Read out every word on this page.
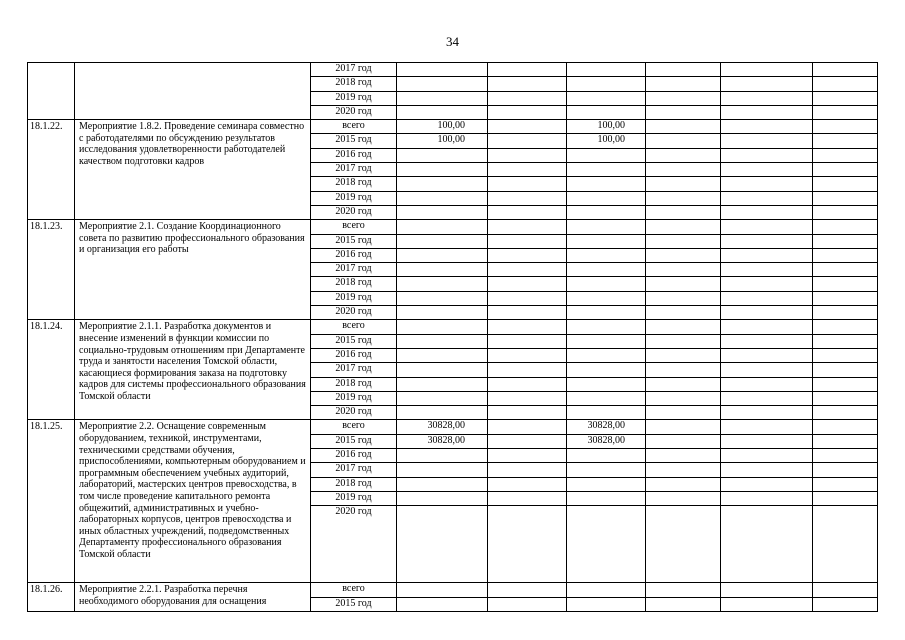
34
		2017 год						
		2018 год						
		2019 год						
		2020 год						
18.1.22.	Мероприятие 1.8.2. Проведение семинара совместно с работодателями по обсуждению результатов исследования удовлетворенности работодателей качеством подготовки кадров	всего	100,00		100,00			
		2015 год	100,00		100,00			
		2016 год						
		2017 год						
		2018 год						
		2019 год						
		2020 год						
18.1.23.	Мероприятие 2.1. Создание Координационного совета по развитию профессионального образования и организация его работы	всего						
		2015 год						
		2016 год						
		2017 год						
		2018 год						
		2019 год						
		2020 год						
18.1.24.	Мероприятие 2.1.1. Разработка документов и внесение изменений в функции комиссии по социально-трудовым отношениям при Департаменте труда и занятости населения Томской области, касающиеся формирования заказа на подготовку кадров для системы профессионального образования Томской области	всего						
		2015 год						
		2016 год						
		2017 год						
		2018 год						
		2019 год						
		2020 год						
18.1.25.	Мероприятие 2.2. Оснащение современным оборудованием, техникой, инструментами, техническими средствами обучения, приспособлениями, компьютерным оборудованием и программным обеспечением учебных аудиторий, лабораторий, мастерских центров превосходства, в том числе проведение капитального ремонта общежитий, административных и учебно-лабораторных корпусов, центров превосходства и иных областных учреждений, подведомственных Департаменту профессионального образования Томской области	всего	30828,00		30828,00			
		2015 год	30828,00		30828,00			
		2016 год						
		2017 год						
		2018 год						
		2019 год						
		2020 год						
18.1.26.	Мероприятие 2.2.1. Разработка перечня необходимого оборудования для оснащения	всего						
		2015 год						
